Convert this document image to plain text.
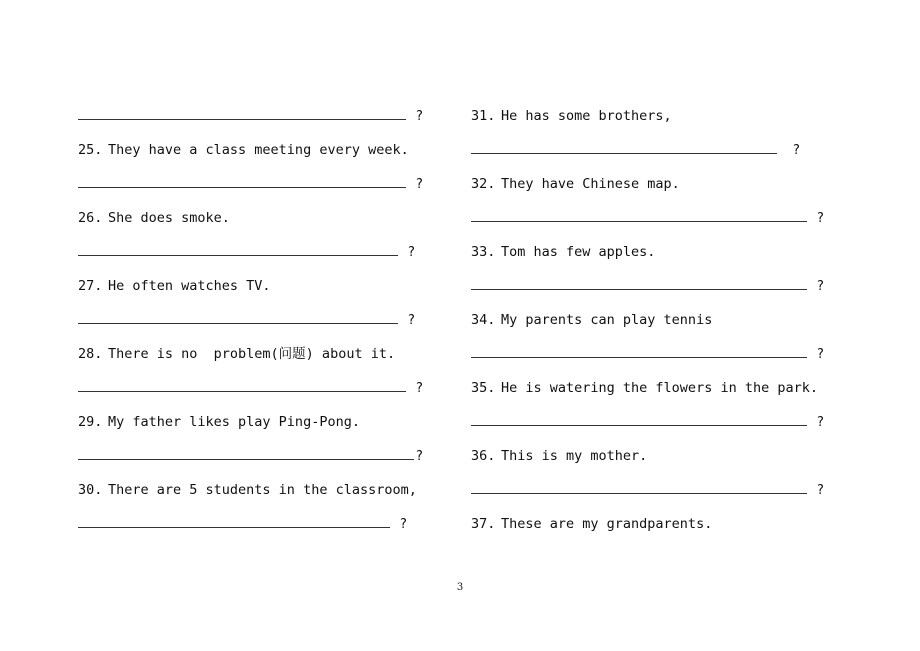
?
25. They have a class meeting every week.
?
26. She does smoke.
?
27. He often watches TV.
?
28. There is no  problem(问题) about it.
?
29. My father likes play Ping-Pong.
?
30. There are 5 students in the classroom,
?
31. He has some brothers,
?
32. They have Chinese map.
?
33. Tom has few apples.
?
34. My parents can play tennis
?
35. He is watering the flowers in the park.
?
36. This is my mother.
?
37. These are my grandparents.
3
